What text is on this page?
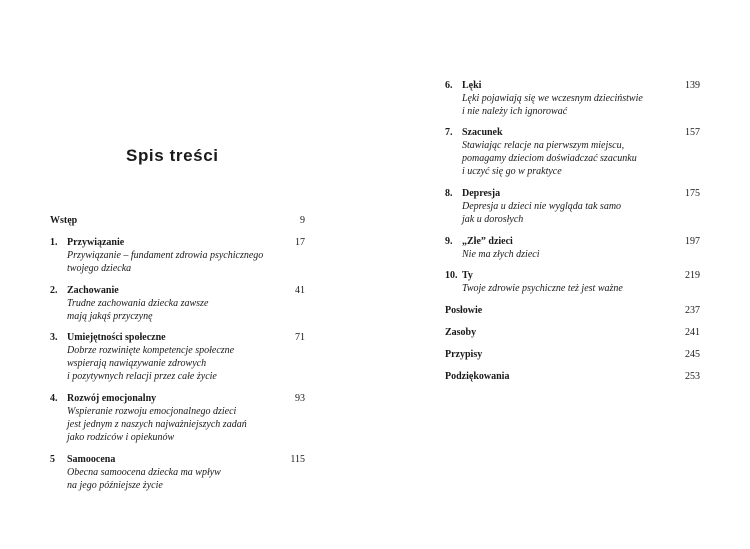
Spis treści
Wstęp	9
1. Przywiązanie	17
Przywiązanie – fundament zdrowia psychicznego
twojego dziecka
2. Zachowanie	41
Trudne zachowania dziecka zawsze
mają jakąś przyczynę
3. Umiejętności społeczne	71
Dobrze rozwinięte kompetencje społeczne
wspierają nawiązywanie zdrowych
i pozytywnych relacji przez całe życie
4. Rozwój emocjonalny	93
Wspieranie rozwoju emocjonalnego dzieci
jest jednym z naszych najważniejszych zadań
jako rodziców i opiekunów
5	Samoocena	115
Obecna samoocena dziecka ma wpływ
na jego późniejsze życie
6. Lęki	139
Lęki pojawiają się we wczesnym dzieciństwie
i nie należy ich ignorować
7. Szacunek	157
Stawiając relacje na pierwszym miejscu,
pomagamy dzieciom doświadczać szacunku
i uczyć się go w praktyce
8. Depresja	175
Depresja u dzieci nie wygląda tak samo
jak u dorosłych
9. „Złe” dzieci	197
Nie ma złych dzieci
10. Ty	219
Twoje zdrowie psychiczne też jest ważne
Posłowie	237
Zasoby	241
Przypisy	245
Podziękowania	253
